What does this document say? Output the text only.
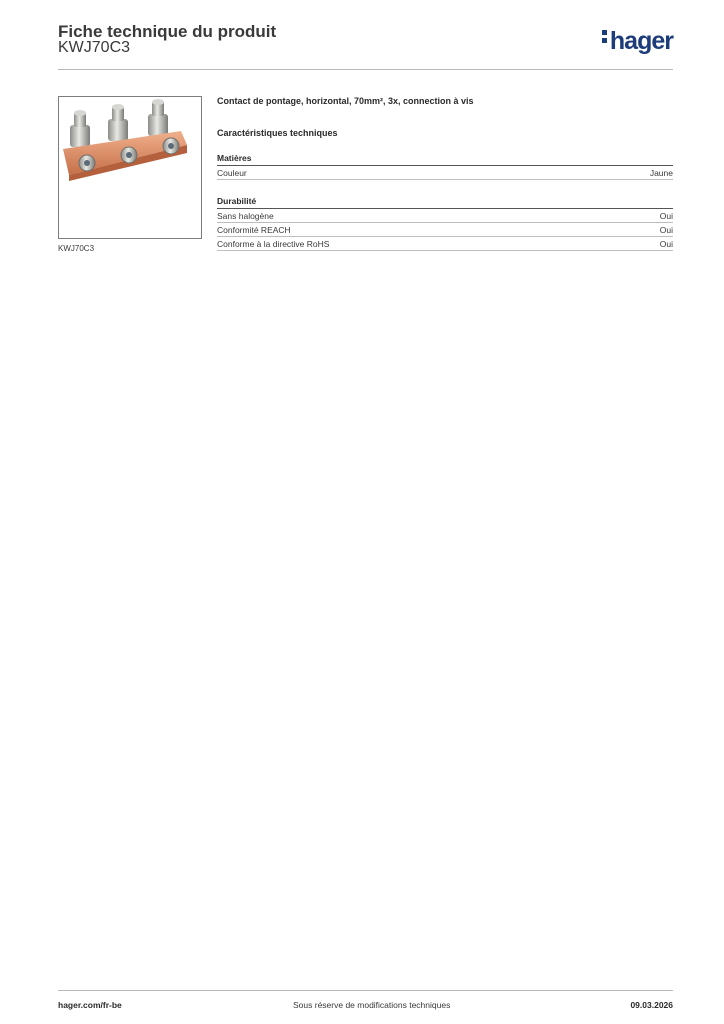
Fiche technique du produit
KWJ70C3	hager
KWJ70C3
Contact de pontage, horizontal, 70mm², 3x, connection à vis
Caractéristiques techniques
Matières
Couleur	Jaune
Durabilité
Sans halogène	Oui
Conformité REACH	Oui
Conforme à la directive RoHS	Oui
hager.com/fr-be	Sous réserve de modifications techniques	09.03.2026
